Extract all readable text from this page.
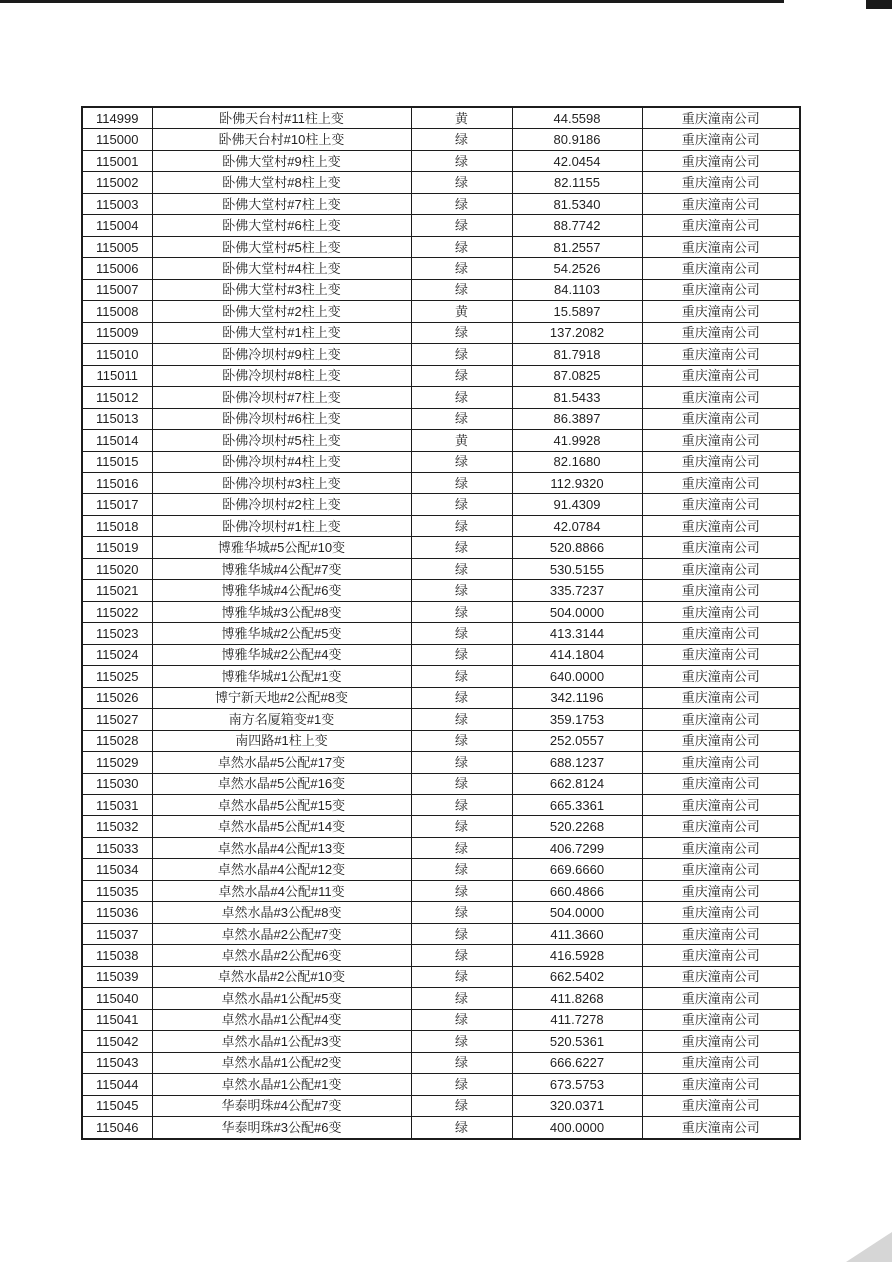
114999	卧佛天台村#11柱上变	黄	44.5598	重庆潼南公司
115000	卧佛天台村#10柱上变	绿	80.9186	重庆潼南公司
115001	卧佛大堂村#9柱上变	绿	42.0454	重庆潼南公司
115002	卧佛大堂村#8柱上变	绿	82.1155	重庆潼南公司
115003	卧佛大堂村#7柱上变	绿	81.5340	重庆潼南公司
115004	卧佛大堂村#6柱上变	绿	88.7742	重庆潼南公司
115005	卧佛大堂村#5柱上变	绿	81.2557	重庆潼南公司
115006	卧佛大堂村#4柱上变	绿	54.2526	重庆潼南公司
115007	卧佛大堂村#3柱上变	绿	84.1103	重庆潼南公司
115008	卧佛大堂村#2柱上变	黄	15.5897	重庆潼南公司
115009	卧佛大堂村#1柱上变	绿	137.2082	重庆潼南公司
115010	卧佛冷坝村#9柱上变	绿	81.7918	重庆潼南公司
115011	卧佛冷坝村#8柱上变	绿	87.0825	重庆潼南公司
115012	卧佛冷坝村#7柱上变	绿	81.5433	重庆潼南公司
115013	卧佛冷坝村#6柱上变	绿	86.3897	重庆潼南公司
115014	卧佛冷坝村#5柱上变	黄	41.9928	重庆潼南公司
115015	卧佛冷坝村#4柱上变	绿	82.1680	重庆潼南公司
115016	卧佛冷坝村#3柱上变	绿	112.9320	重庆潼南公司
115017	卧佛冷坝村#2柱上变	绿	91.4309	重庆潼南公司
115018	卧佛冷坝村#1柱上变	绿	42.0784	重庆潼南公司
115019	博雅华城#5公配#10变	绿	520.8866	重庆潼南公司
115020	博雅华城#4公配#7变	绿	530.5155	重庆潼南公司
115021	博雅华城#4公配#6变	绿	335.7237	重庆潼南公司
115022	博雅华城#3公配#8变	绿	504.0000	重庆潼南公司
115023	博雅华城#2公配#5变	绿	413.3144	重庆潼南公司
115024	博雅华城#2公配#4变	绿	414.1804	重庆潼南公司
115025	博雅华城#1公配#1变	绿	640.0000	重庆潼南公司
115026	博宁新天地#2公配#8变	绿	342.1196	重庆潼南公司
115027	南方名厦箱变#1变	绿	359.1753	重庆潼南公司
115028	南四路#1柱上变	绿	252.0557	重庆潼南公司
115029	卓然水晶#5公配#17变	绿	688.1237	重庆潼南公司
115030	卓然水晶#5公配#16变	绿	662.8124	重庆潼南公司
115031	卓然水晶#5公配#15变	绿	665.3361	重庆潼南公司
115032	卓然水晶#5公配#14变	绿	520.2268	重庆潼南公司
115033	卓然水晶#4公配#13变	绿	406.7299	重庆潼南公司
115034	卓然水晶#4公配#12变	绿	669.6660	重庆潼南公司
115035	卓然水晶#4公配#11变	绿	660.4866	重庆潼南公司
115036	卓然水晶#3公配#8变	绿	504.0000	重庆潼南公司
115037	卓然水晶#2公配#7变	绿	411.3660	重庆潼南公司
115038	卓然水晶#2公配#6变	绿	416.5928	重庆潼南公司
115039	卓然水晶#2公配#10变	绿	662.5402	重庆潼南公司
115040	卓然水晶#1公配#5变	绿	411.8268	重庆潼南公司
115041	卓然水晶#1公配#4变	绿	411.7278	重庆潼南公司
115042	卓然水晶#1公配#3变	绿	520.5361	重庆潼南公司
115043	卓然水晶#1公配#2变	绿	666.6227	重庆潼南公司
115044	卓然水晶#1公配#1变	绿	673.5753	重庆潼南公司
115045	华泰明珠#4公配#7变	绿	320.0371	重庆潼南公司
115046	华泰明珠#3公配#6变	绿	400.0000	重庆潼南公司
